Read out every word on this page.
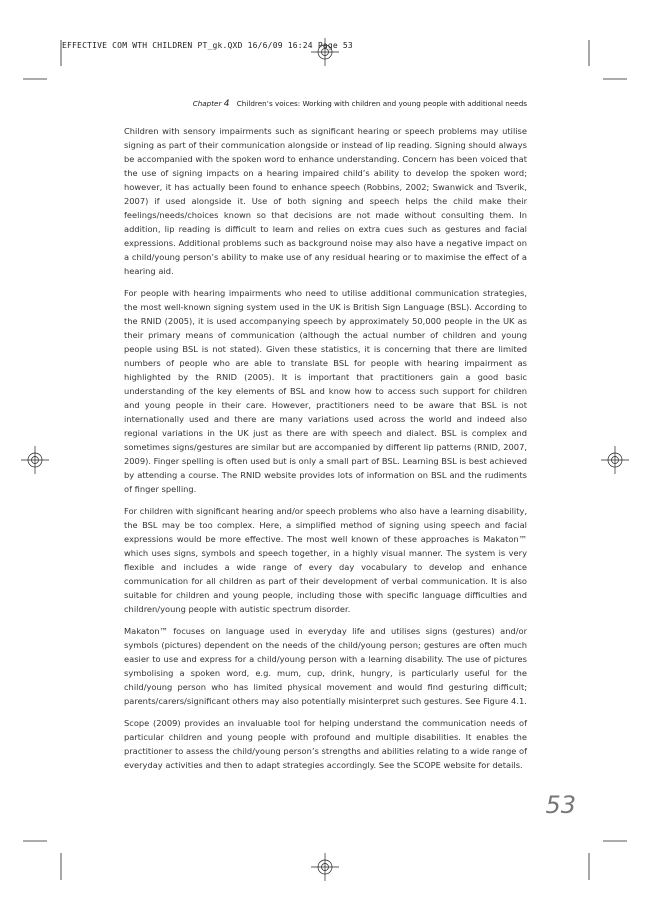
EFFECTIVE COM WTH CHILDREN PT_gk.QXD 16/6/09 16:24 Page 53
Chapter 4 Children’s voices: Working with children and young people with additional needs

Children with sensory impairments such as significant hearing or speech problems may utilise signing as part of their communication alongside or instead of lip reading. Signing should always be accompanied with the spoken word to enhance understanding. Concern has been voiced that the use of signing impacts on a hearing impaired child’s ability to develop the spoken word; however, it has actually been found to enhance speech (Robbins, 2002; Swanwick and Tsverik, 2007) if used alongside it. Use of both signing and speech helps the child make their feelings/needs/choices known so that decisions are not made without consulting them. In addition, lip reading is difficult to learn and relies on extra cues such as gestures and facial expressions. Additional problems such as background noise may also have a negative impact on a child/young person’s ability to make use of any residual hearing or to maximise the effect of a hearing aid.

For people with hearing impairments who need to utilise additional communication strategies, the most well-known signing system used in the UK is British Sign Language (BSL). According to the RNID (2005), it is used accompanying speech by approximately 50,000 people in the UK as their primary means of communication (although the actual number of children and young people using BSL is not stated). Given these statistics, it is concerning that there are limited numbers of people who are able to translate BSL for people with hearing impairment as highlighted by the RNID (2005). It is important that practitioners gain a good basic understanding of the key elements of BSL and know how to access such support for children and young people in their care. However, practitioners need to be aware that BSL is not internationally used and there are many variations used across the world and indeed also regional variations in the UK just as there are with speech and dialect. BSL is complex and sometimes signs/gestures are similar but are accompanied by different lip patterns (RNID, 2007, 2009). Finger spelling is often used but is only a small part of BSL. Learning BSL is best achieved by attending a course. The RNID website provides lots of information on BSL and the rudiments of finger spelling.

For children with significant hearing and/or speech problems who also have a learning disability, the BSL may be too complex. Here, a simplified method of signing using speech and facial expressions would be more effective. The most well known of these approaches is Makaton™ which uses signs, symbols and speech together, in a highly visual manner. The system is very flexible and includes a wide range of every day vocabulary to develop and enhance communication for all children as part of their development of verbal communication. It is also suitable for children and young people, including those with specific language difficulties and children/young people with autistic spectrum disorder.

Makaton™ focuses on language used in everyday life and utilises signs (gestures) and/or symbols (pictures) dependent on the needs of the child/young person; gestures are often much easier to use and express for a child/young person with a learning disability. The use of pictures symbolising a spoken word, e.g. mum, cup, drink, hungry, is particularly useful for the child/young person who has limited physical movement and would find gesturing difficult; parents/carers/significant others may also potentially misinterpret such gestures. See Figure 4.1.

Scope (2009) provides an invaluable tool for helping understand the communication needs of particular children and young people with profound and multiple disabilities. It enables the practitioner to assess the child/young person’s strengths and abilities relating to a wide range of everyday activities and then to adapt strategies accordingly. See the SCOPE website for details.

53
